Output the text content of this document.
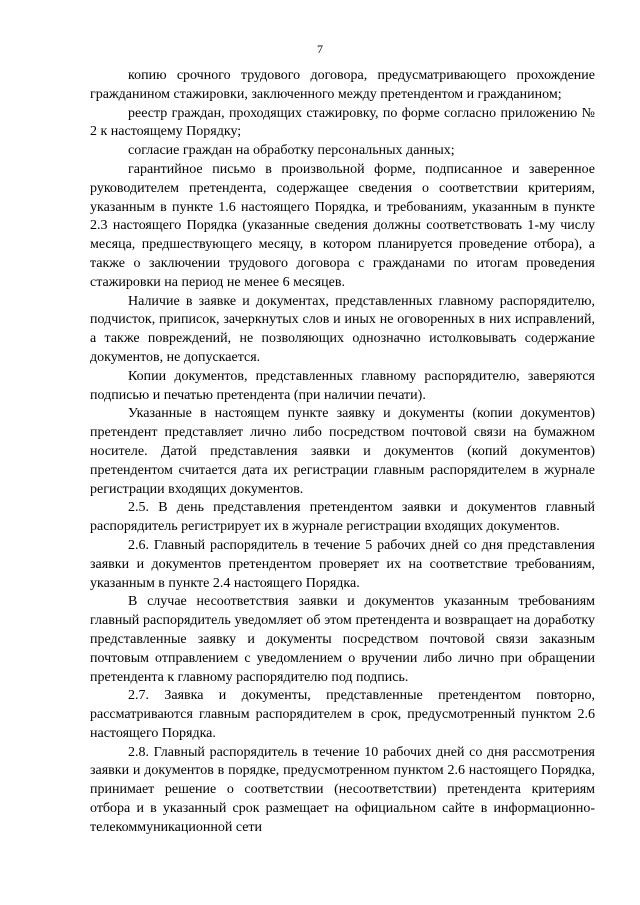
7

копию срочного трудового договора, предусматривающего прохождение гражданином стажировки, заключенного между претендентом и гражданином;

реестр граждан, проходящих стажировку, по форме согласно приложению № 2 к настоящему Порядку;

согласие граждан на обработку персональных данных;

гарантийное письмо в произвольной форме, подписанное и заверенное руководителем претендента, содержащее сведения о соответствии критериям, указанным в пункте 1.6 настоящего Порядка, и требованиям, указанным в пункте 2.3 настоящего Порядка (указанные сведения должны соответствовать 1-му числу месяца, предшествующего месяцу, в котором планируется проведение отбора), а также о заключении трудового договора с гражданами по итогам проведения стажировки на период не менее 6 месяцев.

Наличие в заявке и документах, представленных главному распорядителю, подчисток, приписок, зачеркнутых слов и иных не оговоренных в них исправлений, а также повреждений, не позволяющих однозначно истолковывать содержание документов, не допускается.

Копии документов, представленных главному распорядителю, заверяются подписью и печатью претендента (при наличии печати).

Указанные в настоящем пункте заявку и документы (копии документов) претендент представляет лично либо посредством почтовой связи на бумажном носителе. Датой представления заявки и документов (копий документов) претендентом считается дата их регистрации главным распорядителем в журнале регистрации входящих документов.

2.5. В день представления претендентом заявки и документов главный распорядитель регистрирует их в журнале регистрации входящих документов.

2.6. Главный распорядитель в течение 5 рабочих дней со дня представления заявки и документов претендентом проверяет их на соответствие требованиям, указанным в пункте 2.4 настоящего Порядка.

В случае несоответствия заявки и документов указанным требованиям главный распорядитель уведомляет об этом претендента и возвращает на доработку представленные заявку и документы посредством почтовой связи заказным почтовым отправлением с уведомлением о вручении либо лично при обращении претендента к главному распорядителю под подпись.

2.7. Заявка и документы, представленные претендентом повторно, рассматриваются главным распорядителем в срок, предусмотренный пунктом 2.6 настоящего Порядка.

2.8. Главный распорядитель в течение 10 рабочих дней со дня рассмотрения заявки и документов в порядке, предусмотренном пунктом 2.6 настоящего Порядка, принимает решение о соответствии (несоответствии) претендента критериям отбора и в указанный срок размещает на официальном сайте в информационно-телекоммуникационной сети
